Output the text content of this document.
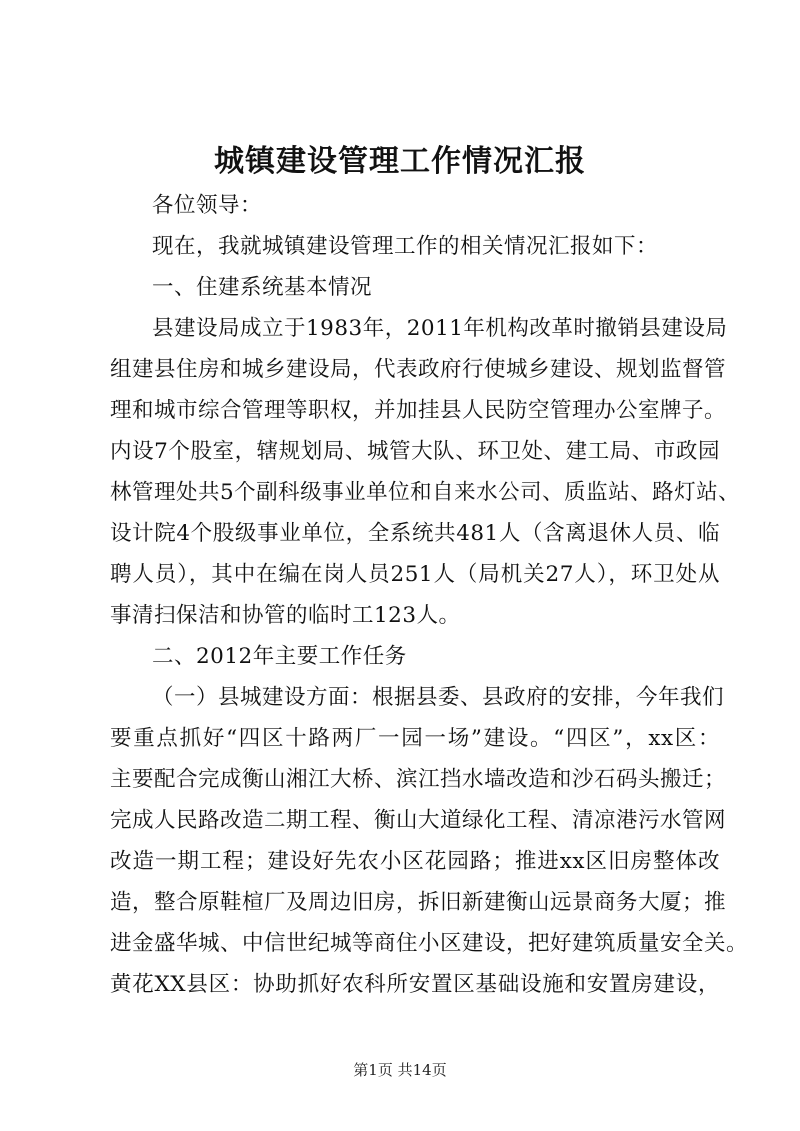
城镇建设管理工作情况汇报
各位领导：
现在，我就城镇建设管理工作的相关情况汇报如下：
一、住建系统基本情况
县建设局成立于1983年，2011年机构改革时撤销县建设局
组建县住房和城乡建设局，代表政府行使城乡建设、规划监督管
理和城市综合管理等职权，并加挂县人民防空管理办公室牌子。
内设7个股室，辖规划局、城管大队、环卫处、建工局、市政园
林管理处共5个副科级事业单位和自来水公司、质监站、路灯站、
设计院4个股级事业单位，全系统共481人（含离退休人员、临
聘人员），其中在编在岗人员251人（局机关27人），环卫处从
事清扫保洁和协管的临时工123人。
二、2012年主要工作任务
（一）县城建设方面：根据县委、县政府的安排，今年我们
要重点抓好“四区十路两厂一园一场”建设。“四区”，xx区：
主要配合完成衡山湘江大桥、滨江挡水墙改造和沙石码头搬迁；
完成人民路改造二期工程、衡山大道绿化工程、清凉港污水管网
改造一期工程；建设好先农小区花园路；推进xx区旧房整体改
造，整合原鞋楦厂及周边旧房，拆旧新建衡山远景商务大厦；推
进金盛华城、中信世纪城等商住小区建设，把好建筑质量安全关。
黄花XX县区：协助抓好农科所安置区基础设施和安置房建设，
第1页 共14页
